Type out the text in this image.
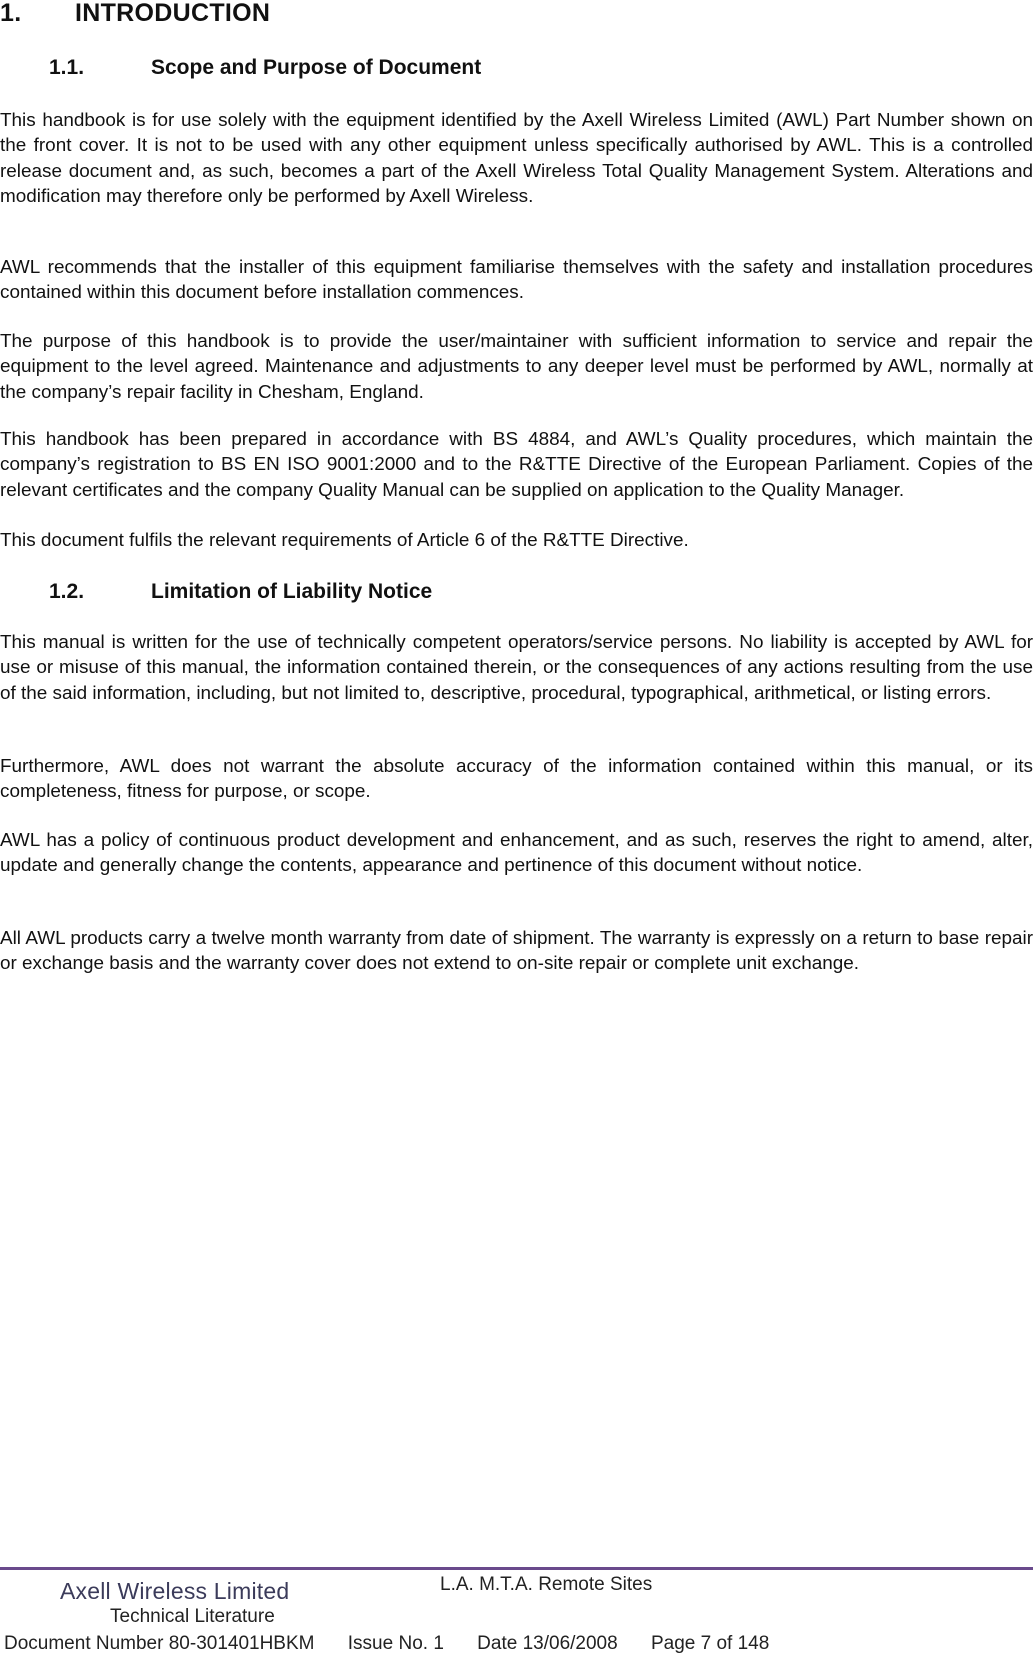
1. INTRODUCTION
1.1.	Scope and Purpose of Document

This handbook is for use solely with the equipment identified by the Axell Wireless Limited (AWL) Part Number shown on the front cover. It is not to be used with any other equipment unless specifically authorised by AWL. This is a controlled release document and, as such, becomes a part of the Axell Wireless Total Quality Management System. Alterations and modification may therefore only be performed by Axell Wireless.

AWL recommends that the installer of this equipment familiarise themselves with the safety and installation procedures contained within this document before installation commences.

The purpose of this handbook is to provide the user/maintainer with sufficient information to service and repair the equipment to the level agreed. Maintenance and adjustments to any deeper level must be performed by AWL, normally at the company’s repair facility in Chesham, England.

This handbook has been prepared in accordance with BS 4884, and AWL’s Quality procedures, which maintain the company’s registration to BS EN ISO 9001:2000 and to the R&TTE Directive of the European Parliament. Copies of the relevant certificates and the company Quality Manual can be supplied on application to the Quality Manager.

This document fulfils the relevant requirements of Article 6 of the R&TTE Directive.

1.2.	Limitation of Liability Notice

This manual is written for the use of technically competent operators/service persons. No liability is accepted by AWL for use or misuse of this manual, the information contained therein, or the consequences of any actions resulting from the use of the said information, including, but not limited to, descriptive, procedural, typographical, arithmetical, or listing errors.

Furthermore, AWL does not warrant the absolute accuracy of the information contained within this manual, or its completeness, fitness for purpose, or scope.

AWL has a policy of continuous product development and enhancement, and as such, reserves the right to amend, alter, update and generally change the contents, appearance and pertinence of this document without notice.

All AWL products carry a twelve month warranty from date of shipment. The warranty is expressly on a return to base repair or exchange basis and the warranty cover does not extend to on-site repair or complete unit exchange.

Axell Wireless Limited	L.A. M.T.A. Remote Sites
Technical Literature
Document Number 80-301401HBKM Issue No. 1 Date 13/06/2008 Page 7 of 148
